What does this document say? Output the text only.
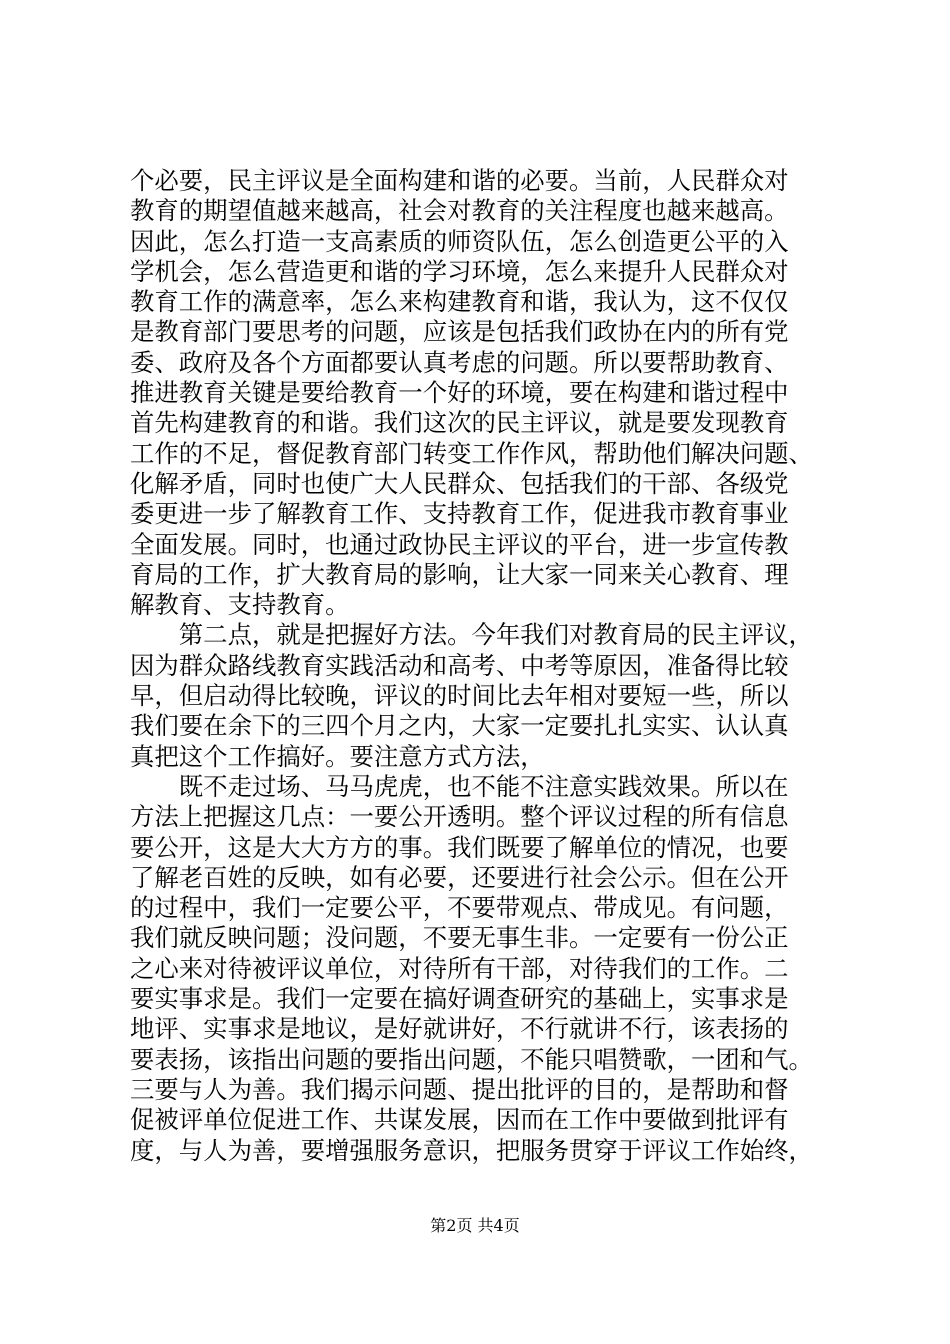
个必要，民主评议是全面构建和谐的必要。当前，人民群众对
教育的期望值越来越高，社会对教育的关注程度也越来越高。
因此，怎么打造一支高素质的师资队伍，怎么创造更公平的入
学机会，怎么营造更和谐的学习环境，怎么来提升人民群众对
教育工作的满意率，怎么来构建教育和谐，我认为，这不仅仅
是教育部门要思考的问题，应该是包括我们政协在内的所有党
委、政府及各个方面都要认真考虑的问题。所以要帮助教育、
推进教育关键是要给教育一个好的环境，要在构建和谐过程中
首先构建教育的和谐。我们这次的民主评议，就是要发现教育
工作的不足，督促教育部门转变工作作风，帮助他们解决问题、
化解矛盾，同时也使广大人民群众、包括我们的干部、各级党
委更进一步了解教育工作、支持教育工作，促进我市教育事业
全面发展。同时，也通过政协民主评议的平台，进一步宣传教
育局的工作，扩大教育局的影响，让大家一同来关心教育、理
解教育、支持教育。
　　第二点，就是把握好方法。今年我们对教育局的民主评议，
因为群众路线教育实践活动和高考、中考等原因，准备得比较
早，但启动得比较晚，评议的时间比去年相对要短一些，所以
我们要在余下的三四个月之内，大家一定要扎扎实实、认认真
真把这个工作搞好。要注意方式方法，
　　既不走过场、马马虎虎，也不能不注意实践效果。所以在
方法上把握这几点：一要公开透明。整个评议过程的所有信息
要公开，这是大大方方的事。我们既要了解单位的情况，也要
了解老百姓的反映，如有必要，还要进行社会公示。但在公开
的过程中，我们一定要公平，不要带观点、带成见。有问题，
我们就反映问题；没问题，不要无事生非。一定要有一份公正
之心来对待被评议单位，对待所有干部，对待我们的工作。二
要实事求是。我们一定要在搞好调查研究的基础上，实事求是
地评、实事求是地议，是好就讲好，不行就讲不行，该表扬的
要表扬，该指出问题的要指出问题，不能只唱赞歌，一团和气。
三要与人为善。我们揭示问题、提出批评的目的，是帮助和督
促被评单位促进工作、共谋发展，因而在工作中要做到批评有
度，与人为善，要增强服务意识，把服务贯穿于评议工作始终，
第2页 共4页
